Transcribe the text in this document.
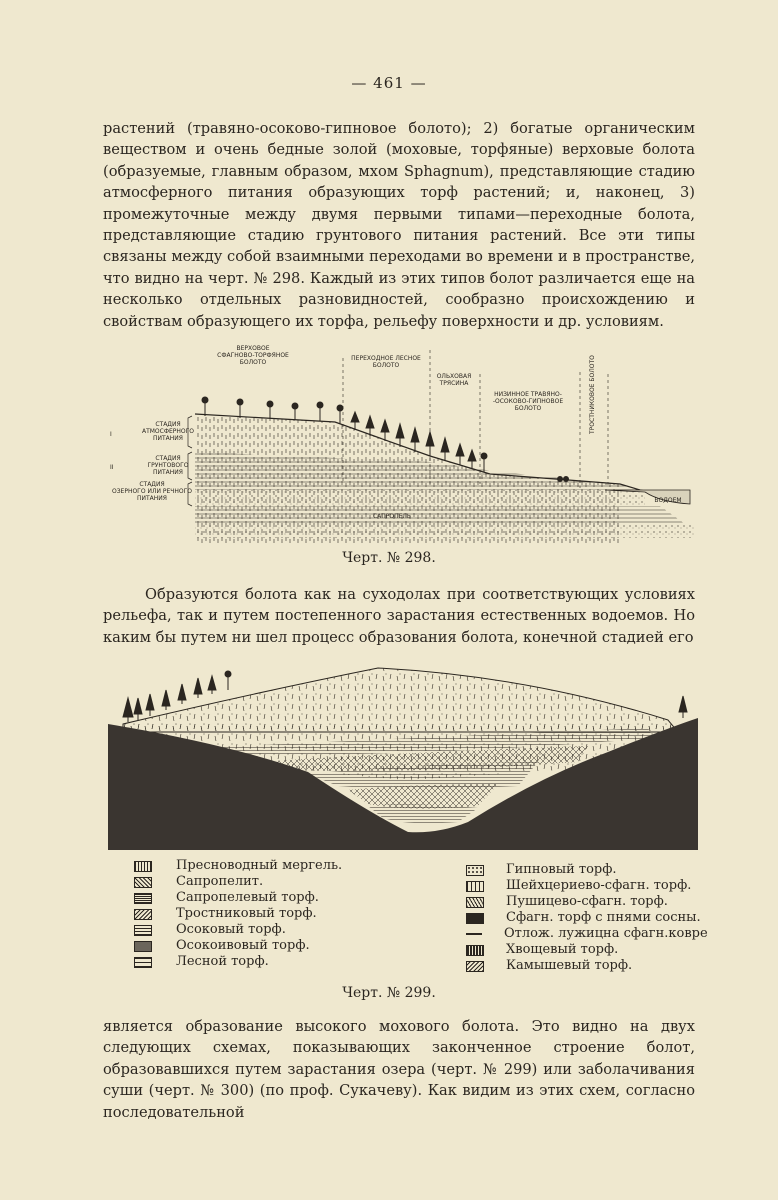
— 461 —

растений (травяно-осоково-гипновое болото); 2) богатые органическим веществом и очень бедные золой (моховые, торфяные) верховые болота (образуемые, главным образом, мхом Sphagnum), представляющие стадию атмосферного питания образующих торф растений; и, наконец, 3) промежуточные между двумя первыми типами—переходные болота, представляющие стадию грунтового питания растений. Все эти типы связаны между собой взаимными переходами во времени и в пространстве, что видно на черт. № 298. Каждый из этих типов болот различается еще на несколько отдельных разновидностей, сообразно происхождению и свойствам образующего их торфа, рельефу поверхности и др. условиям.

ВЕРХОВОЕ
СФАГНОВО-ТОРФЯНОЕ
БОЛОТО
ПЕРЕХОДНОЕ ЛЕСНОЕ
БОЛОТО
ОЛЬХОВАЯ
ТРЯСИНА
НИЗИННОЕ ТРАВЯНО-
-ОСОКОВО-ГИПНОВОЕ
БОЛОТО	ТРОСТНИКОВОЕ БОЛОТО
СТАДИЯ
АТМОСФЕРНОГО
ПИТАНИЯ
I
СТАДИЯ
ГРУНТОВОГО
ПИТАНИЯ
II
СТАДИЯ
ОЗЕРНОГО ИЛИ РЕЧНОГО
ПИТАНИЯ
САПРОПЕЛЬ
ВОДОЕМ
Черт. № 298.

Образуются болота как на суходолах при соответствующих условиях рельефа, так и путем постепенного зарастания естественных водоемов. Но каким бы путем ни шел процесс образования болота, конечной стадией его

Пресноводный мергель.
Сапропелит.
Сапропелевый торф.
Тростниковый торф.
Осоковый торф.
Осокоивовый торф.
Лесной торф.
Гипновый торф.
Шейхцериево-сфагн. торф.
Пушицево-сфагн. торф.
Сфагн. торф с пнями сосны.
Отлож. лужицна сфагн.ковре
Хвощевый торф.
Камышевый торф.
Черт. № 299.

является образование высокого мохового болота. Это видно на двух следующих схемах, показывающих законченное строение болот, образовавшихся путем зарастания озера (черт. № 299) или заболачивания суши (черт. № 300) (по проф. Сукачеву). Как видим из этих схем, согласно последовательной
